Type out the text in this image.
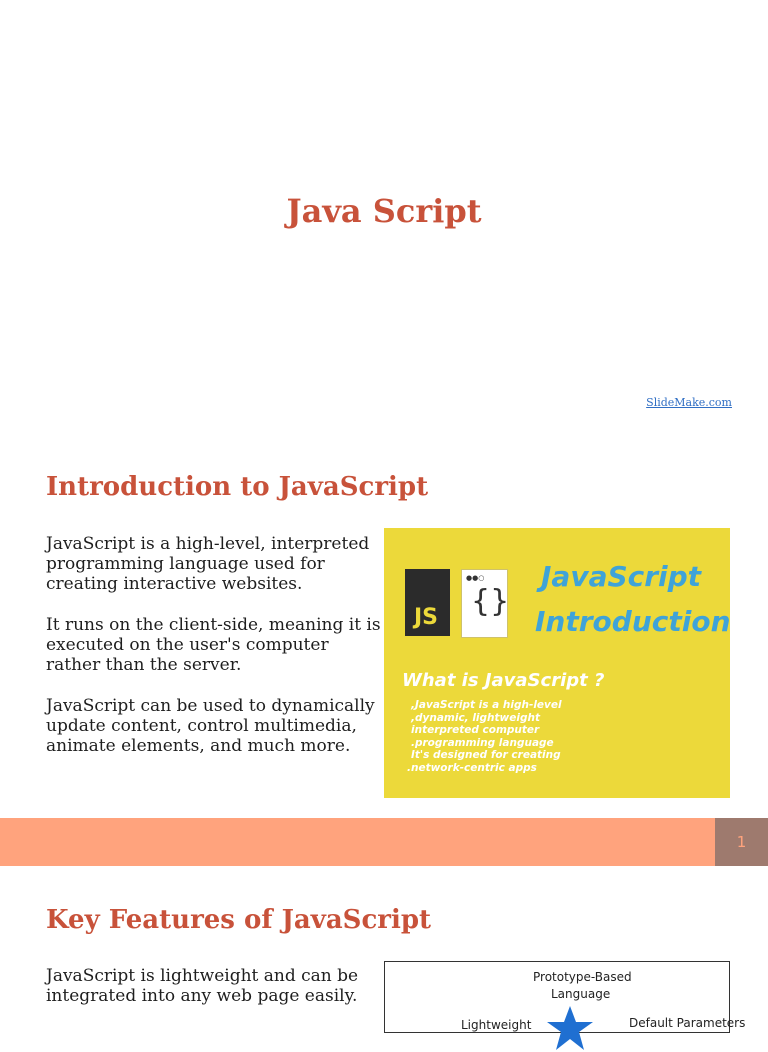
Java Script
SlideMake.com
Introduction to JavaScript

JavaScript is a high-level, interpreted programming language used for creating interactive websites.

It runs on the client-side, meaning it is executed on the user's computer rather than the server.

JavaScript can be used to dynamically update content, control multimedia, animate elements, and much more.

JS
●●○
{}
JavaScript
Introduction
What is JavaScript ?
,JavaScript is a high-level
,dynamic, lightweight
interpreted computer
.programming language
It's designed for creating
.network-centric apps
1
Key Features of JavaScript

JavaScript is lightweight and can be integrated into any web page easily.

Prototype-Based
Language
Lightweight	Default Parameters
